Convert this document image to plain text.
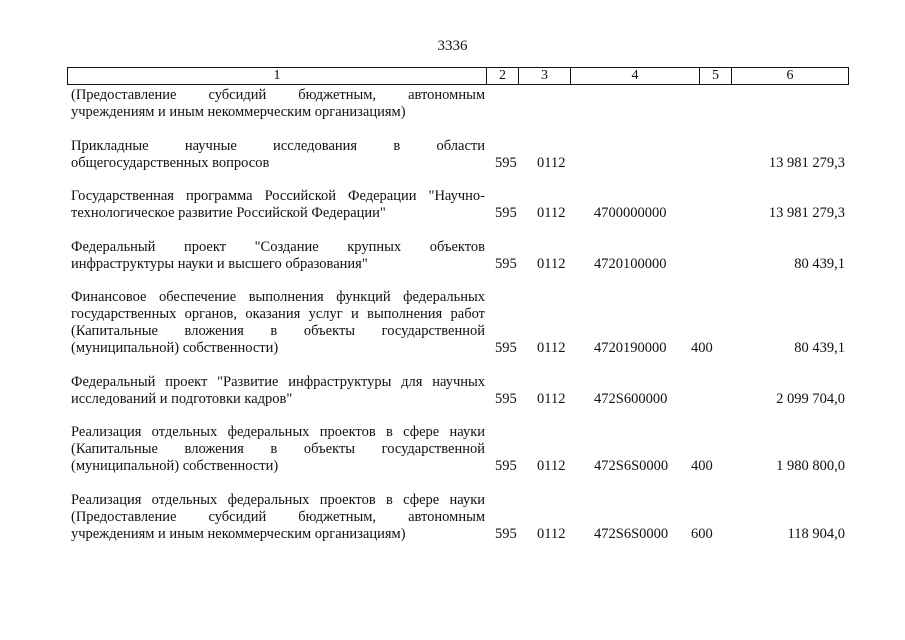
3336
1	2	3	4	5	6
(Предоставление субсидий бюджетным, автономным
учреждениям и иным некоммерческим организациям)
Прикладные научные исследования в области
общегосударственных вопросов	595 0112	13 981 279,3
Государственная программа Российской Федерации "Научно-
технологическое развитие Российской Федерации"	595 0112 4700000000	13 981 279,3
Федеральный проект "Создание крупных объектов
инфраструктуры науки и высшего образования"	595 0112 4720100000	80 439,1
Финансовое обеспечение выполнения функций федеральных
государственных органов, оказания услуг и выполнения работ
(Капитальные вложения в объекты государственной
(муниципальной) собственности)	595 0112 4720190000 400	80 439,1
Федеральный проект "Развитие инфраструктуры для научных
исследований и подготовки кадров"	595 0112 472S600000	2 099 704,0
Реализация отдельных федеральных проектов в сфере науки
(Капитальные вложения в объекты государственной
(муниципальной) собственности)	595 0112 472S6S0000 400	1 980 800,0
Реализация отдельных федеральных проектов в сфере науки
(Предоставление субсидий бюджетным, автономным
учреждениям и иным некоммерческим организациям)	595 0112 472S6S0000 600	118 904,0
